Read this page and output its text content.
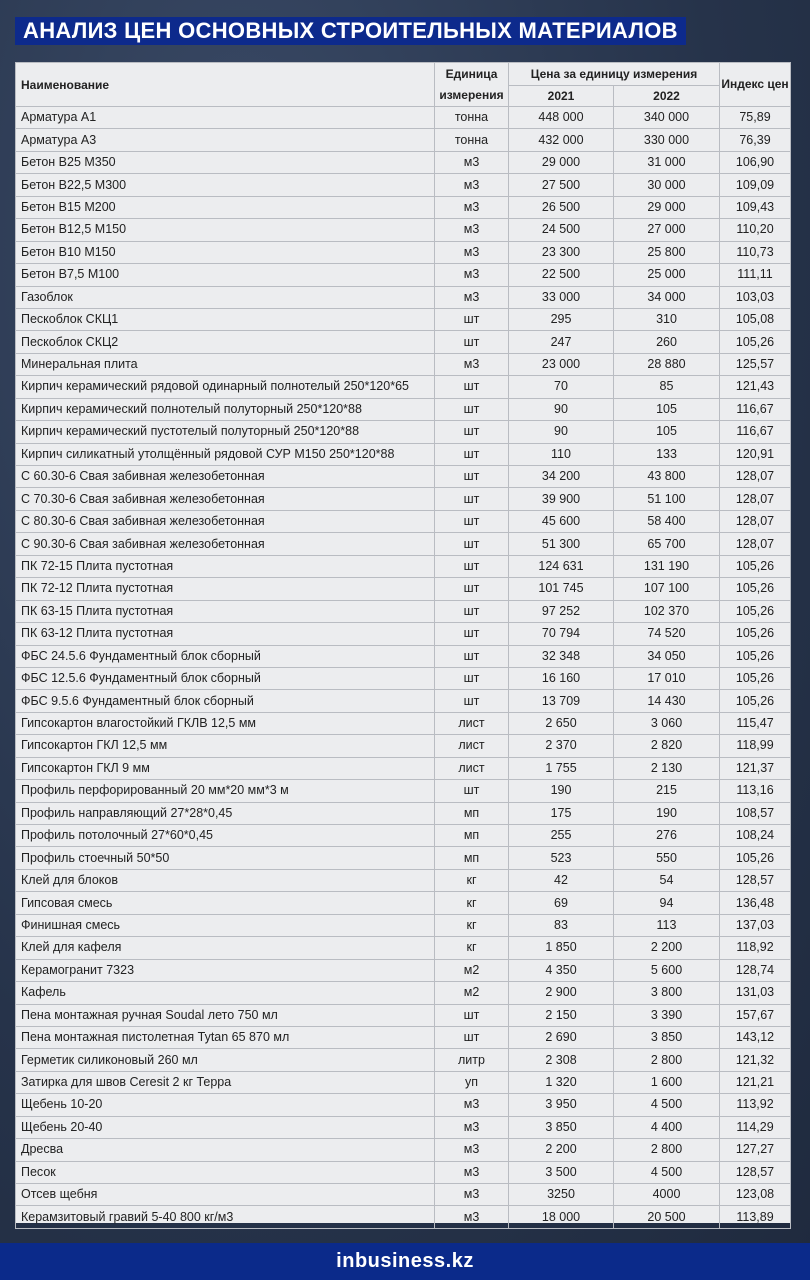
АНАЛИЗ ЦЕН ОСНОВНЫХ СТРОИТЕЛЬНЫХ МАТЕРИАЛОВ
Наименование	Единица измерения	Цена за единицу измерения		Индекс цен
		2021	2022	
Арматура А1	тонна	448 000	340 000	75,89
Арматура А3	тонна	432 000	330 000	76,39
Бетон B25 M350	м3	29 000	31 000	106,90
Бетон B22,5 M300	м3	27 500	30 000	109,09
Бетон B15 M200	м3	26 500	29 000	109,43
Бетон B12,5 M150	м3	24 500	27 000	110,20
Бетон B10 M150	м3	23 300	25 800	110,73
Бетон B7,5 M100	м3	22 500	25 000	111,11
Газоблок	м3	33 000	34 000	103,03
Пескоблок СКЦ1	шт	295	310	105,08
Пескоблок СКЦ2	шт	247	260	105,26
Минеральная плита	м3	23 000	28 880	125,57
Кирпич керамический рядовой одинарный полнотелый 250*120*65	шт	70	85	121,43
Кирпич керамический полнотелый полуторный 250*120*88	шт	90	105	116,67
Кирпич керамический пустотелый полуторный 250*120*88	шт	90	105	116,67
Кирпич силикатный утолщённый рядовой СУР М150 250*120*88	шт	110	133	120,91
С 60.30-6 Свая забивная железобетонная	шт	34 200	43 800	128,07
С 70.30-6 Свая забивная железобетонная	шт	39 900	51 100	128,07
С 80.30-6 Свая забивная железобетонная	шт	45 600	58 400	128,07
С 90.30-6 Свая забивная железобетонная	шт	51 300	65 700	128,07
ПК 72-15 Плита пустотная	шт	124 631	131 190	105,26
ПК 72-12 Плита пустотная	шт	101 745	107 100	105,26
ПК 63-15 Плита пустотная	шт	97 252	102 370	105,26
ПК 63-12 Плита пустотная	шт	70 794	74 520	105,26
ФБС 24.5.6 Фундаментный блок сборный	шт	32 348	34 050	105,26
ФБС 12.5.6 Фундаментный блок сборный	шт	16 160	17 010	105,26
ФБС 9.5.6 Фундаментный блок сборный	шт	13 709	14 430	105,26
Гипсокартон влагостойкий ГКЛВ 12,5 мм	лист	2 650	3 060	115,47
Гипсокартон ГКЛ 12,5 мм	лист	2 370	2 820	118,99
Гипсокартон ГКЛ 9 мм	лист	1 755	2 130	121,37
Профиль перфорированный 20 мм*20 мм*3 м	шт	190	215	113,16
Профиль направляющий 27*28*0,45	мп	175	190	108,57
Профиль потолочный 27*60*0,45	мп	255	276	108,24
Профиль стоечный 50*50	мп	523	550	105,26
Клей для блоков	кг	42	54	128,57
Гипсовая смесь	кг	69	94	136,48
Финишная смесь	кг	83	113	137,03
Клей для кафеля	кг	1 850	2 200	118,92
Керамогранит 7323	м2	4 350	5 600	128,74
Кафель	м2	2 900	3 800	131,03
Пена монтажная ручная Soudal лето 750 мл	шт	2 150	3 390	157,67
Пена монтажная пистолетная Tytan 65 870 мл	шт	2 690	3 850	143,12
Герметик силиконовый 260 мл	литр	2 308	2 800	121,32
Затирка для швов Ceresit 2 кг Терра	уп	1 320	1 600	121,21
Щебень 10-20	м3	3 950	4 500	113,92
Щебень 20-40	м3	3 850	4 400	114,29
Дресва	м3	2 200	2 800	127,27
Песок	м3	3 500	4 500	128,57
Отсев щебня	м3	3250	4000	123,08
Керамзитовый гравий 5-40 800 кг/м3	м3	18 000	20 500	113,89
inbusiness.kz
